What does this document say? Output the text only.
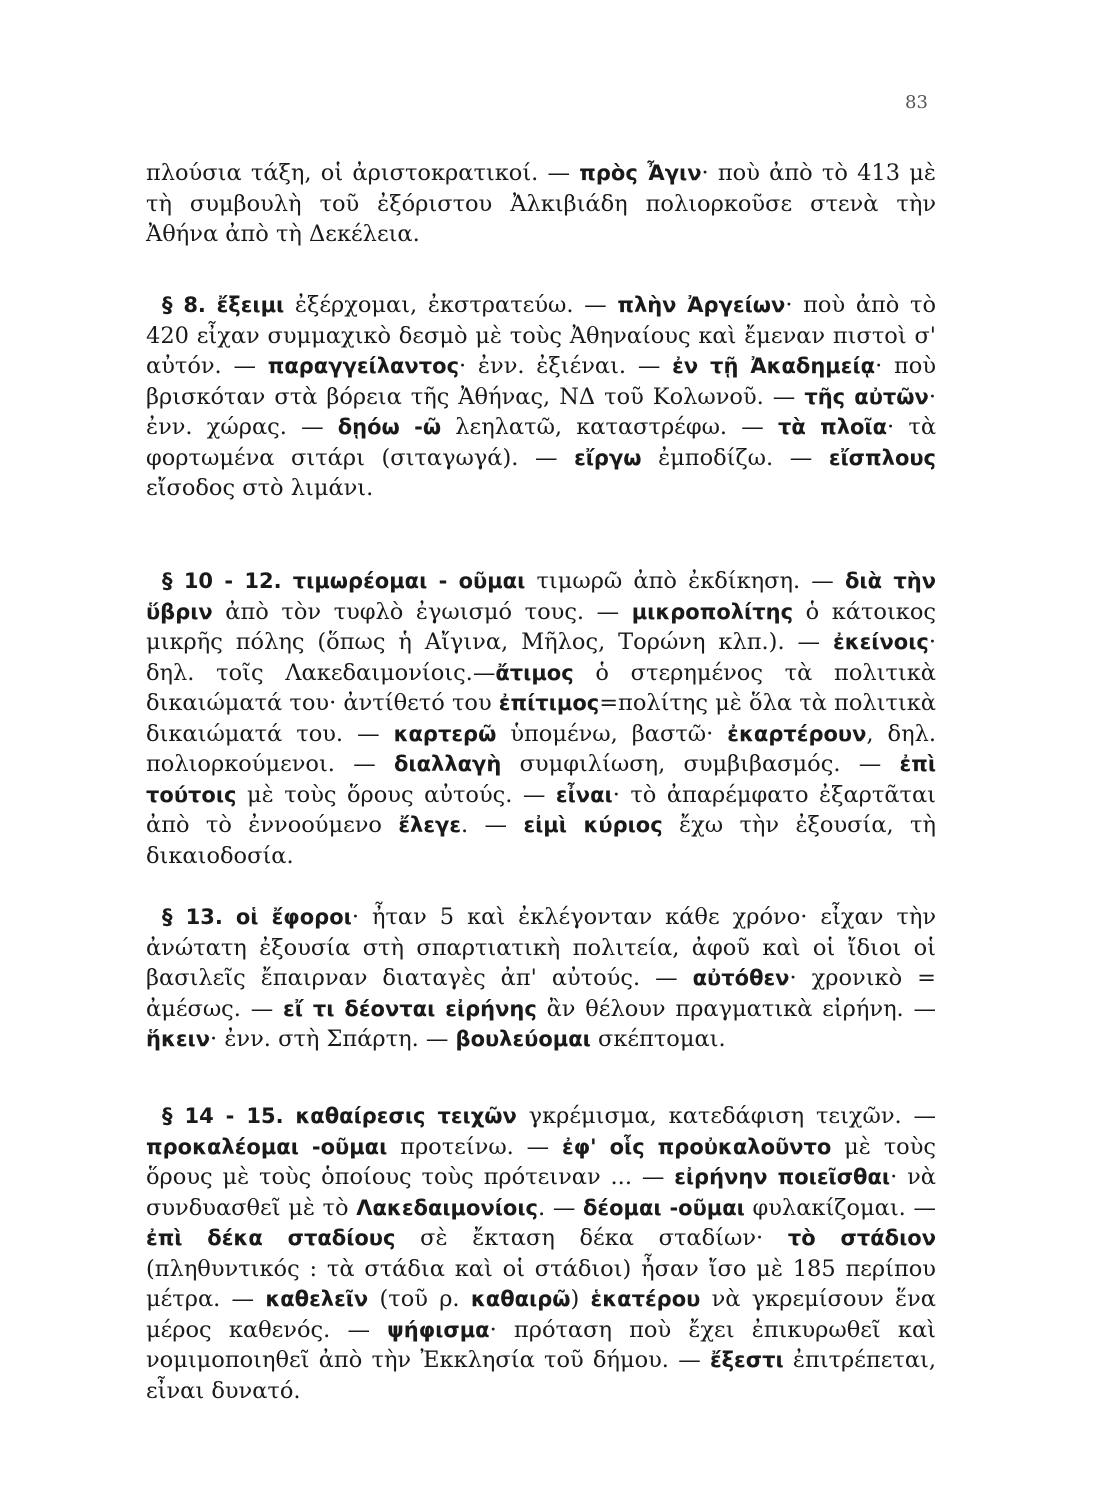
83

πλούσια τάξη, οἱ ἀριστοκρατικοί. — πρὸς Ἆγιν· ποὺ ἀπὸ τὸ 413 μὲ τὴ συμβουλὴ τοῦ ἐξόριστου Ἀλκιβιάδη πολιορκοῦσε στενὰ τὴν Ἀθήνα ἀπὸ τὴ Δεκέλεια.

§ 8. ἔξειμι ἐξέρχομαι, ἐκστρατεύω. — πλὴν Ἀργείων· ποὺ ἀπὸ τὸ 420 εἶχαν συμμαχικὸ δεσμὸ μὲ τοὺς Ἀθηναίους καὶ ἔμεναν πιστοὶ σ' αὐτόν. — παραγγείλαντος· ἐνν. ἐξιέναι. — ἐν τῇ Ἀκαδημείᾳ· ποὺ βρισκόταν στὰ βόρεια τῆς Ἀθήνας, ΝΔ τοῦ Κολωνοῦ. — τῆς αὐτῶν· ἐνν. χώρας. — δῃόω -ῶ λεηλατῶ, καταστρέφω. — τὰ πλοῖα· τὰ φορτωμένα σιτάρι (σιταγωγά). — εἴργω ἐμποδίζω. — εἴσπλους εἴσοδος στὸ λιμάνι.

§ 10 - 12. τιμωρέομαι - οῦμαι τιμωρῶ ἀπὸ ἐκδίκηση. — διὰ τὴν ὕβριν ἀπὸ τὸν τυφλὸ ἐγωισμό τους. — μικροπολίτης ὁ κάτοικος μικρῆς πόλης (ὅπως ἡ Αἴγινα, Μῆλος, Τορώνη κλπ.). — ἐκείνοις· δηλ. τοῖς Λακεδαιμονίοις.—ἄτιμος ὁ στερημένος τὰ πολιτικὰ δικαιώματά του· ἀντίθετό του ἐπίτιμος=πολίτης μὲ ὅλα τὰ πολιτικὰ δικαιώματά του. — καρτερῶ ὑπομένω, βαστῶ· ἐκαρτέρουν, δηλ. πολιορκούμενοι. — διαλλαγὴ συμφιλίωση, συμβιβασμός. — ἐπὶ τούτοις μὲ τοὺς ὅρους αὐτούς. — εἶναι· τὸ ἀπαρέμφατο ἐξαρτᾶται ἀπὸ τὸ ἐννοούμενο ἔλεγε. — εἰμὶ κύριος ἔχω τὴν ἐξουσία, τὴ δικαιοδοσία.

§ 13. οἱ ἔφοροι· ἦταν 5 καὶ ἐκλέγονταν κάθε χρόνο· εἶχαν τὴν ἀνώτατη ἐξουσία στὴ σπαρτιατικὴ πολιτεία, ἀφοῦ καὶ οἱ ἴδιοι οἱ βασιλεῖς ἔπαιρναν διαταγὲς ἀπ' αὐτούς. — αὐτόθεν· χρονικὸ = ἀμέσως. — εἴ τι δέονται εἰρήνης ἂν θέλουν πραγματικὰ εἰρήνη. — ἥκειν· ἐνν. στὴ Σπάρτη. — βουλεύομαι σκέπτομαι.

§ 14 - 15. καθαίρεσις τειχῶν γκρέμισμα, κατεδάφιση τειχῶν. — προκαλέομαι -οῦμαι προτείνω. — ἐφ' οἷς προὐκαλοῦντο μὲ τοὺς ὅρους μὲ τοὺς ὁποίους τοὺς πρότειναν ... — εἰρήνην ποιεῖσθαι· νὰ συνδυασθεῖ μὲ τὸ Λακεδαιμονίοις. — δέομαι -οῦμαι φυλακίζομαι. — ἐπὶ δέκα σταδίους σὲ ἔκταση δέκα σταδίων· τὸ στάδιον (πληθυντικός : τὰ στάδια καὶ οἱ στάδιοι) ἦσαν ἴσο μὲ 185 περίπου μέτρα. — καθελεῖν (τοῦ ρ. καθαιρῶ) ἑκατέρου νὰ γκρεμίσουν ἕνα μέρος καθενός. — ψήφισμα· πρόταση ποὺ ἔχει ἐπικυρωθεῖ καὶ νομιμοποιηθεῖ ἀπὸ τὴν Ἐκκλησία τοῦ δήμου. — ἔξεστι ἐπιτρέπεται, εἶναι δυνατό.
